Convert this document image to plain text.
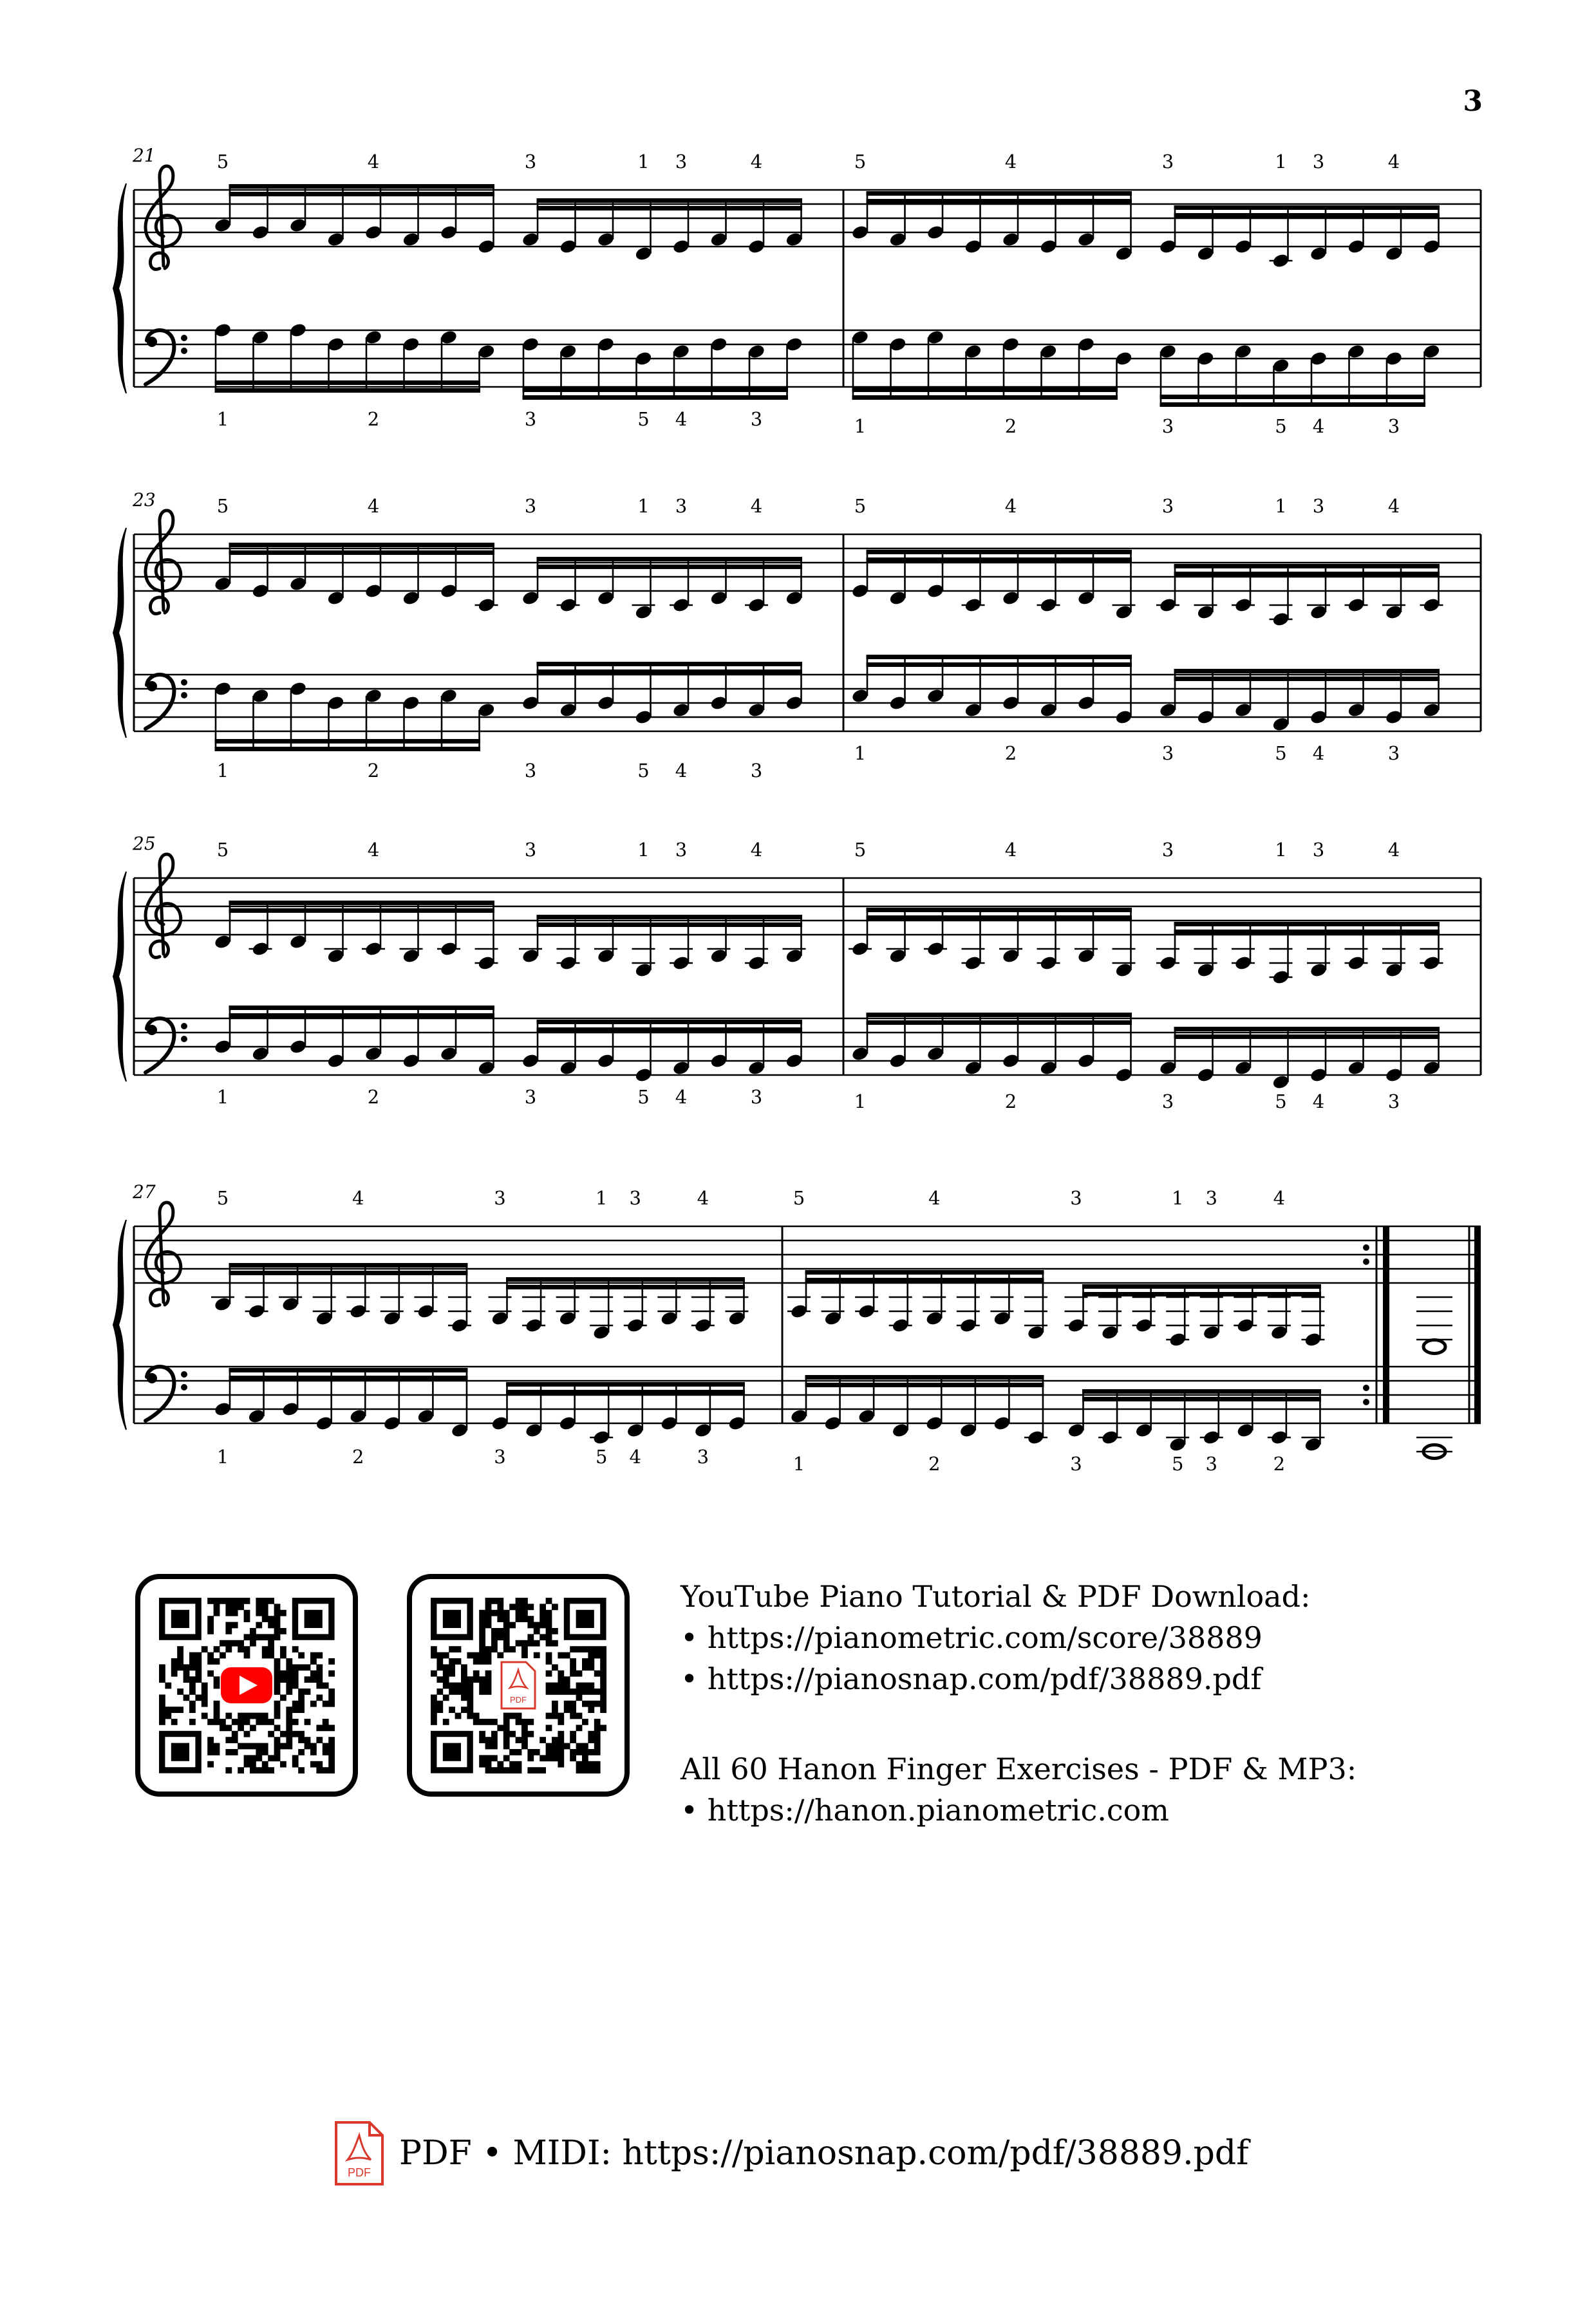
3
21	5	4	3	1 3	4
1	2	3	5 4	3
5	4	3	1 3	4
1	2	3	5 4	3
23	5	4	3	1 3	4
1	2	3	5 4	3
5	4	3	1 3	4
1	2	3	5 4	3
25	5	4	3	1 3	4
1	2	3	5 4	3
5	4	3	1 3	4
1	2	3	5 4	3
27	5	4	3	1 3	4
1	2	3	5 4	3
5	4	3	1 3	4
1	2	3	5 3	2
PDF
YouTube Piano Tutorial & PDF Download:
• https://pianometric.com/score/38889
• https://pianosnap.com/pdf/38889.pdf
All 60 Hanon Finger Exercises - PDF & MP3:
• https://hanon.pianometric.com
PDF PDF • MIDI: https://pianosnap.com/pdf/38889.pdf
